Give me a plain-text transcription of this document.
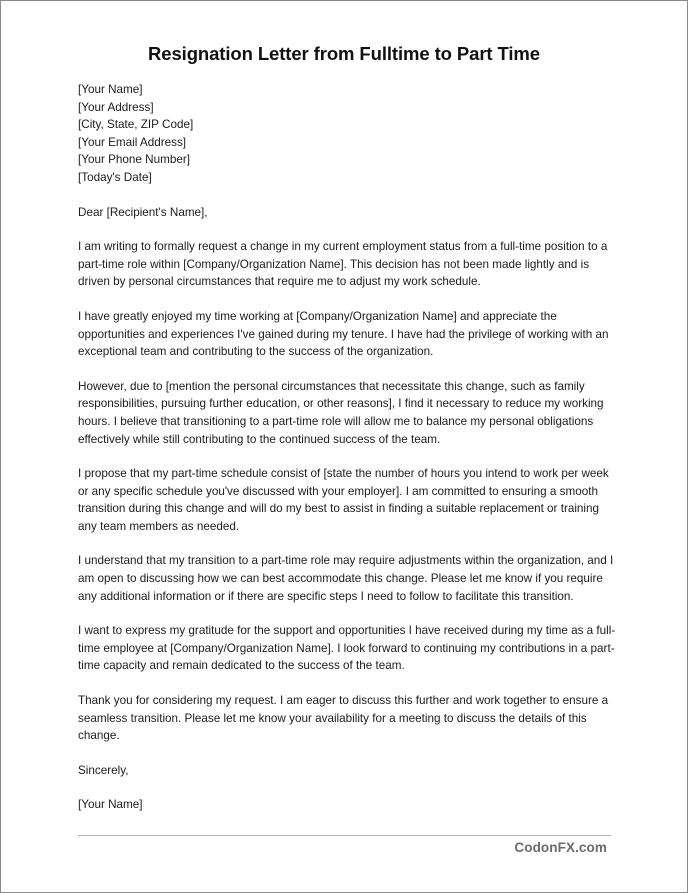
Resignation Letter from Fulltime to Part Time
[Your Name]
[Your Address]
[City, State, ZIP Code]
[Your Email Address]
[Your Phone Number]
[Today's Date]
Dear [Recipient's Name],

I am writing to formally request a change in my current employment status from a full-time position to a part-time role within [Company/Organization Name]. This decision has not been made lightly and is driven by personal circumstances that require me to adjust my work schedule.

I have greatly enjoyed my time working at [Company/Organization Name] and appreciate the opportunities and experiences I've gained during my tenure. I have had the privilege of working with an exceptional team and contributing to the success of the organization.

However, due to [mention the personal circumstances that necessitate this change, such as family responsibilities, pursuing further education, or other reasons], I find it necessary to reduce my working hours. I believe that transitioning to a part-time role will allow me to balance my personal obligations effectively while still contributing to the continued success of the team.

I propose that my part-time schedule consist of [state the number of hours you intend to work per week or any specific schedule you've discussed with your employer]. I am committed to ensuring a smooth transition during this change and will do my best to assist in finding a suitable replacement or training any team members as needed.

I understand that my transition to a part-time role may require adjustments within the organization, and I am open to discussing how we can best accommodate this change. Please let me know if you require any additional information or if there are specific steps I need to follow to facilitate this transition.

I want to express my gratitude for the support and opportunities I have received during my time as a full-time employee at [Company/Organization Name]. I look forward to continuing my contributions in a part-time capacity and remain dedicated to the success of the team.

Thank you for considering my request. I am eager to discuss this further and work together to ensure a seamless transition. Please let me know your availability for a meeting to discuss the details of this change.

Sincerely,
[Your Name]
CodonFX.com
